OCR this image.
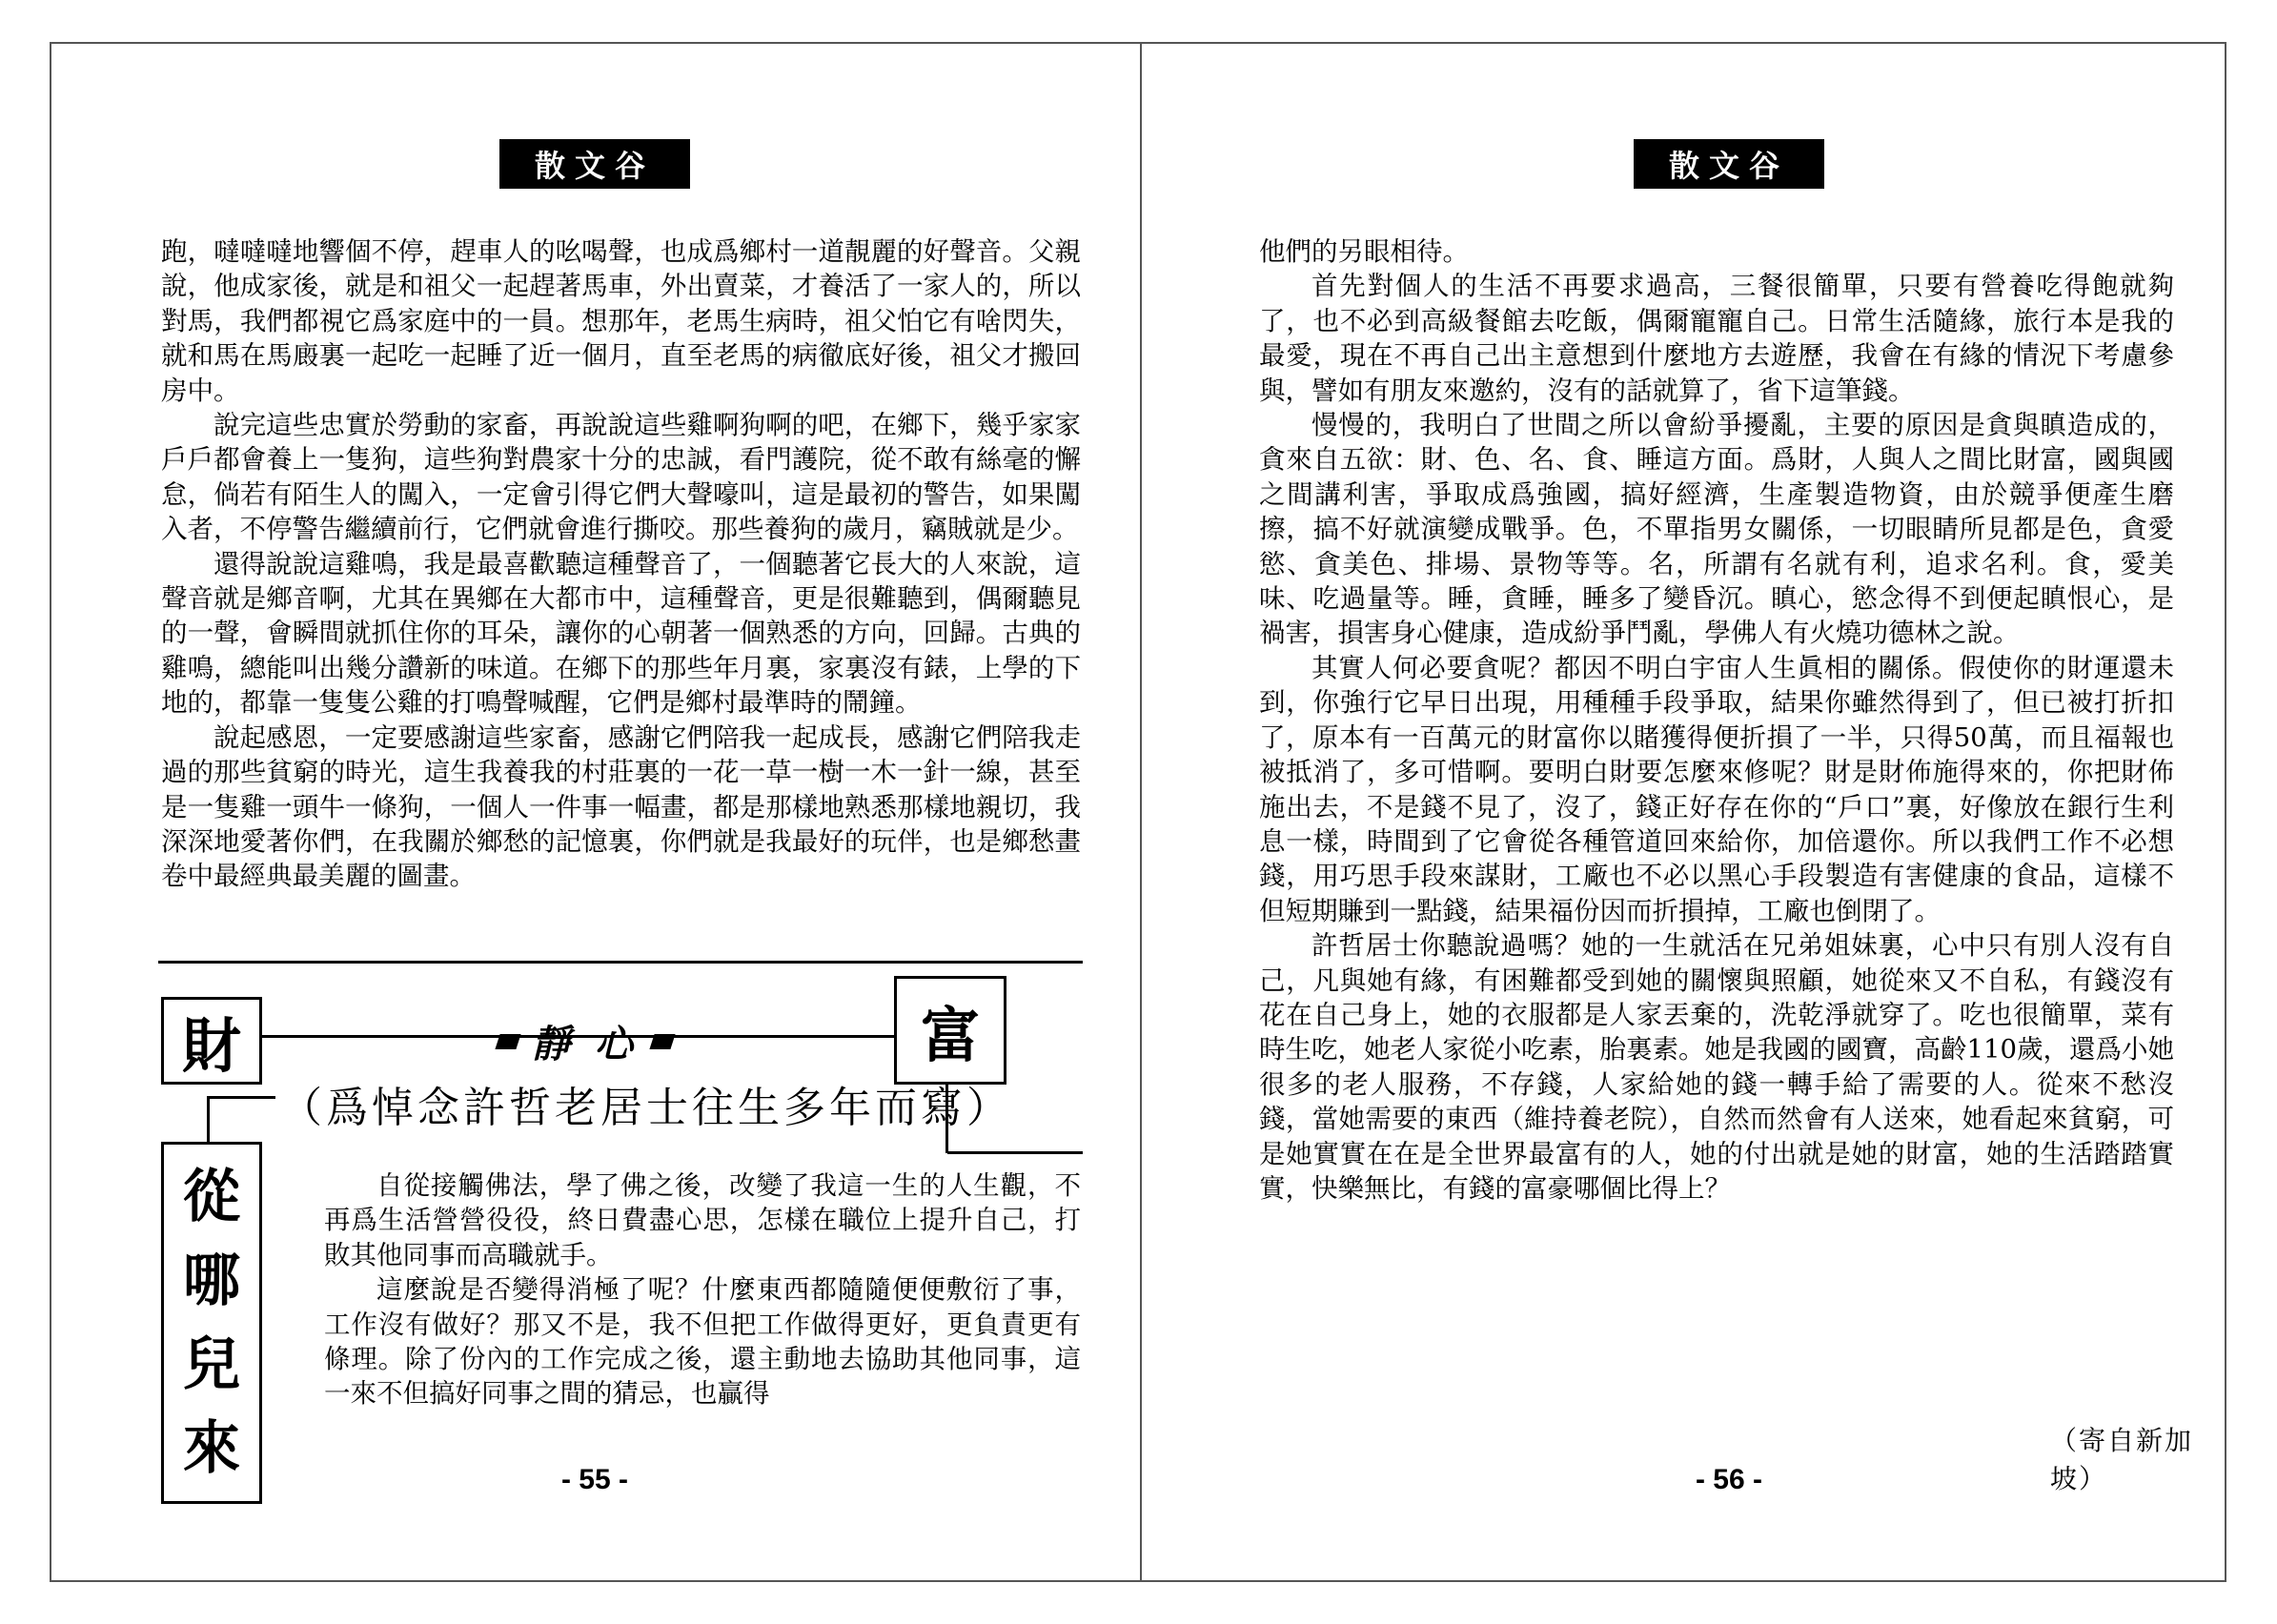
散文谷

跑，噠噠噠地響個不停，趕車人的吆喝聲，也成爲鄉村一道靚麗的好聲音。父親說，他成家後，就是和祖父一起趕著馬車，外出賣菜，才養活了一家人的，所以對馬，我們都視它爲家庭中的一員。想那年，老馬生病時，祖父怕它有啥閃失，就和馬在馬廄裏一起吃一起睡了近一個月，直至老馬的病徹底好後，祖父才搬回房中。

說完這些忠實於勞動的家畜，再說說這些雞啊狗啊的吧，在鄉下，幾乎家家戶戶都會養上一隻狗，這些狗對農家十分的忠誠，看門護院，從不敢有絲毫的懈怠，倘若有陌生人的闖入，一定會引得它們大聲嚎叫，這是最初的警告，如果闖入者，不停警告繼續前行，它們就會進行撕咬。那些養狗的歲月，竊賊就是少。

還得說說這雞鳴，我是最喜歡聽這種聲音了，一個聽著它長大的人來說，這聲音就是鄉音啊，尤其在異鄉在大都市中，這種聲音，更是很難聽到，偶爾聽見的一聲，會瞬間就抓住你的耳朵，讓你的心朝著一個熟悉的方向，回歸。古典的雞鳴，總能叫出幾分讚新的味道。在鄉下的那些年月裏，家裏沒有錶，上學的下地的，都靠一隻隻公雞的打鳴聲喊醒，它們是鄉村最準時的鬧鐘。

說起感恩，一定要感謝這些家畜，感謝它們陪我一起成長，感謝它們陪我走過的那些貧窮的時光，這生我養我的村莊裏的一花一草一樹一木一針一線，甚至是一隻雞一頭牛一條狗，一個人一件事一幅畫，都是那樣地熟悉那樣地親切，我深深地愛著你們，在我關於鄉愁的記憶裏，你們就是我最好的玩伴，也是鄉愁畫卷中最經典最美麗的圖畫。

財	富
從
哪
兒
來
靜 心
（爲悼念許哲老居士往生多年而寫）

自從接觸佛法，學了佛之後，改變了我這一生的人生觀，不再爲生活營營役役，終日費盡心思，怎樣在職位上提升自己，打敗其他同事而高職就手。

這麼說是否變得消極了呢？什麼東西都隨隨便便敷衍了事，工作沒有做好？那又不是，我不但把工作做得更好，更負責更有條理。除了份內的工作完成之後，還主動地去協助其他同事，這一來不但搞好同事之間的猜忌，也贏得

- 55 -
散文谷

他們的另眼相待。

首先對個人的生活不再要求過高，三餐很簡單，只要有營養吃得飽就夠了，也不必到高級餐館去吃飯，偶爾寵寵自己。日常生活隨緣，旅行本是我的最愛，現在不再自己出主意想到什麼地方去遊歷，我會在有緣的情況下考慮參與，譬如有朋友來邀約，沒有的話就算了，省下這筆錢。

慢慢的，我明白了世間之所以會紛爭擾亂，主要的原因是貪與瞋造成的，貪來自五欲：財、色、名、食、睡這方面。爲財，人與人之間比財富，國與國之間講利害，爭取成爲強國，搞好經濟，生產製造物資，由於競爭便產生磨擦，搞不好就演變成戰爭。色，不單指男女關係，一切眼睛所見都是色，貪愛慾、貪美色、排場、景物等等。名，所謂有名就有利，追求名利。食，愛美味、吃過量等。睡，貪睡，睡多了變昏沉。瞋心，慾念得不到便起瞋恨心，是禍害，損害身心健康，造成紛爭鬥亂，學佛人有火燒功德林之說。

其實人何必要貪呢？都因不明白宇宙人生眞相的關係。假使你的財運還未到，你強行它早日出現，用種種手段爭取，結果你雖然得到了，但已被打折扣了，原本有一百萬元的財富你以賭獲得便折損了一半，只得50萬，而且福報也被抵消了，多可惜啊。要明白財要怎麼來修呢？財是財佈施得來的，你把財佈施出去，不是錢不見了，沒了，錢正好存在你的“戶口”裏，好像放在銀行生利息一樣，時間到了它會從各種管道回來給你，加倍還你。所以我們工作不必想錢，用巧思手段來謀財，工廠也不必以黑心手段製造有害健康的食品，這樣不但短期賺到一點錢，結果福份因而折損掉，工廠也倒閉了。

許哲居士你聽說過嗎？她的一生就活在兄弟姐妹裏，心中只有別人沒有自己，凡與她有緣，有困難都受到她的關懷與照顧，她從來又不自私，有錢沒有花在自己身上，她的衣服都是人家丟棄的，洗乾淨就穿了。吃也很簡單，菜有時生吃，她老人家從小吃素，胎裏素。她是我國的國寶，高齡110歲，還爲小她很多的老人服務，不存錢，人家給她的錢一轉手給了需要的人。從來不愁沒錢，當她需要的東西（維持養老院），自然而然會有人送來，她看起來貧窮，可是她實實在在是全世界最富有的人，她的付出就是她的財富，她的生活踏踏實實，快樂無比，有錢的富豪哪個比得上？

（寄自新加坡）
- 56 -
